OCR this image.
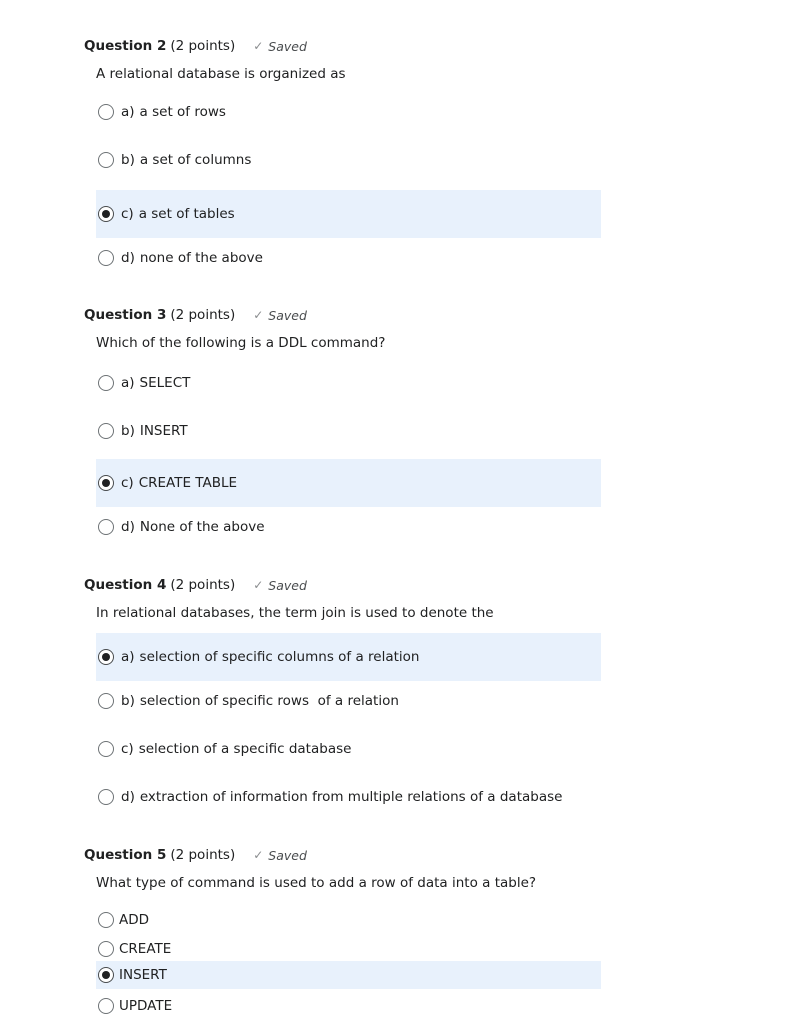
Question 2 (2 points) ✓ Saved
A relational database is organized as
a) a set of rows
b) a set of columns
c) a set of tables
d) none of the above
Question 3 (2 points) ✓ Saved
Which of the following is a DDL command?
a) SELECT
b) INSERT
c) CREATE TABLE
d) None of the above
Question 4 (2 points) ✓ Saved
In relational databases, the term join is used to denote the
a) selection of specific columns of a relation
b) selection of specific rows  of a relation
c) selection of a specific database
d) extraction of information from multiple relations of a database
Question 5 (2 points) ✓ Saved
What type of command is used to add a row of data into a table?
ADD
CREATE
INSERT
UPDATE
